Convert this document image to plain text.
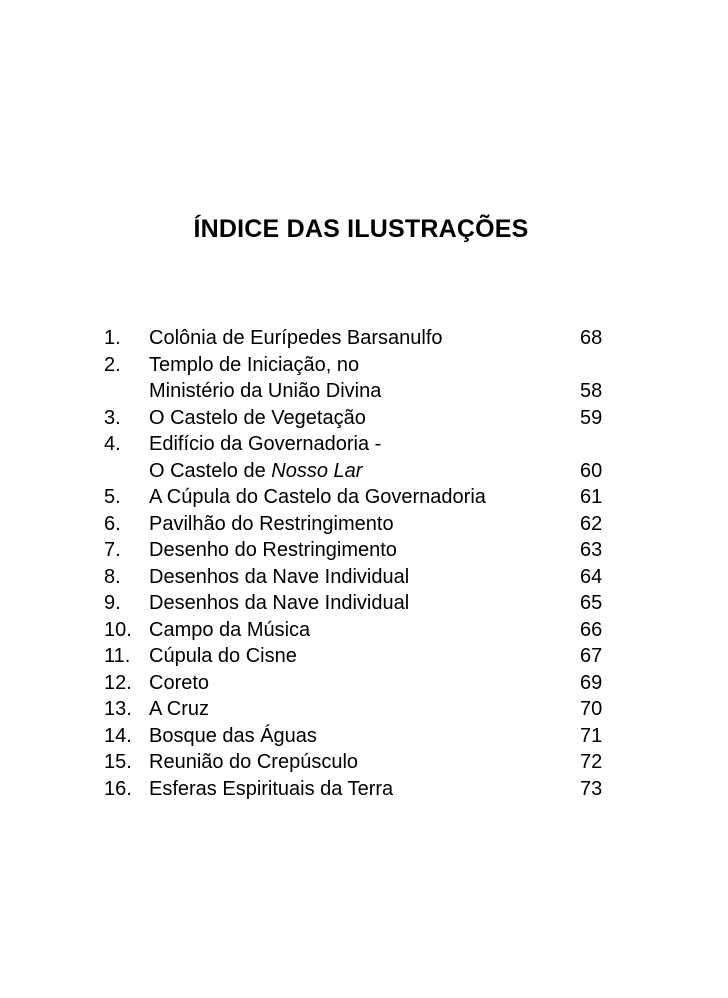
ÍNDICE DAS ILUSTRAÇÕES
1. Colônia de Eurípedes Barsanulfo	68
2. Templo de Iniciação, no
Ministério da União Divina	58
3. O Castelo de Vegetação	59
4. Edifício da Governadoria -
O Castelo de Nosso Lar	60
5. A Cúpula do Castelo da Governadoria	61
6. Pavilhão do Restringimento	62
7. Desenho do Restringimento	63
8. Desenhos da Nave Individual	64
9. Desenhos da Nave Individual	65
10. Campo da Música	66
11. Cúpula do Cisne	67
12. Coreto	69
13. A Cruz	70
14. Bosque das Águas	71
15. Reunião do Crepúsculo	72
16. Esferas Espirituais da Terra	73
